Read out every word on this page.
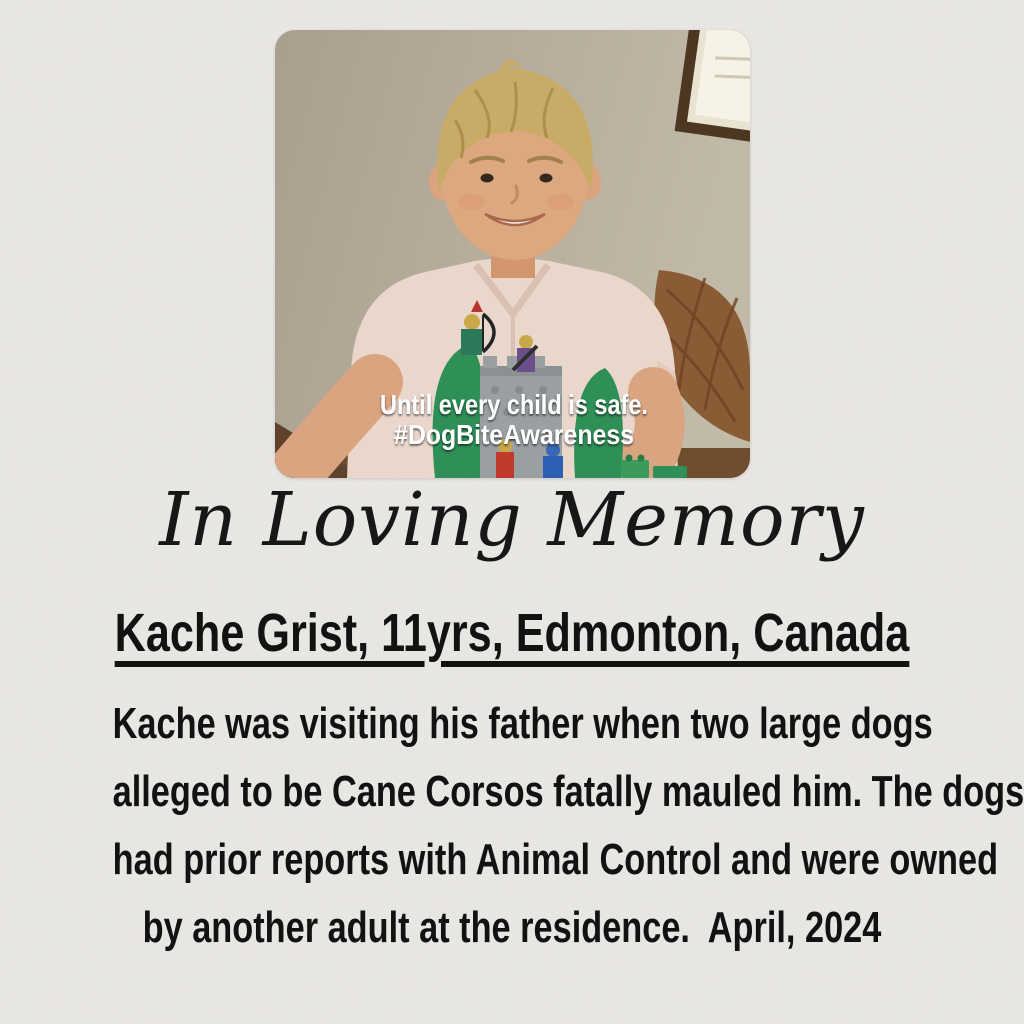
Until every child is safe.
#DogBiteAwareness
In Loving Memory
Kache Grist, 11yrs, Edmonton, Canada

Kache was visiting his father when two large dogs

alleged to be Cane Corsos fatally mauled him. The dogs

had prior reports with Animal Control and were owned

by another adult at the residence.  April, 2024
